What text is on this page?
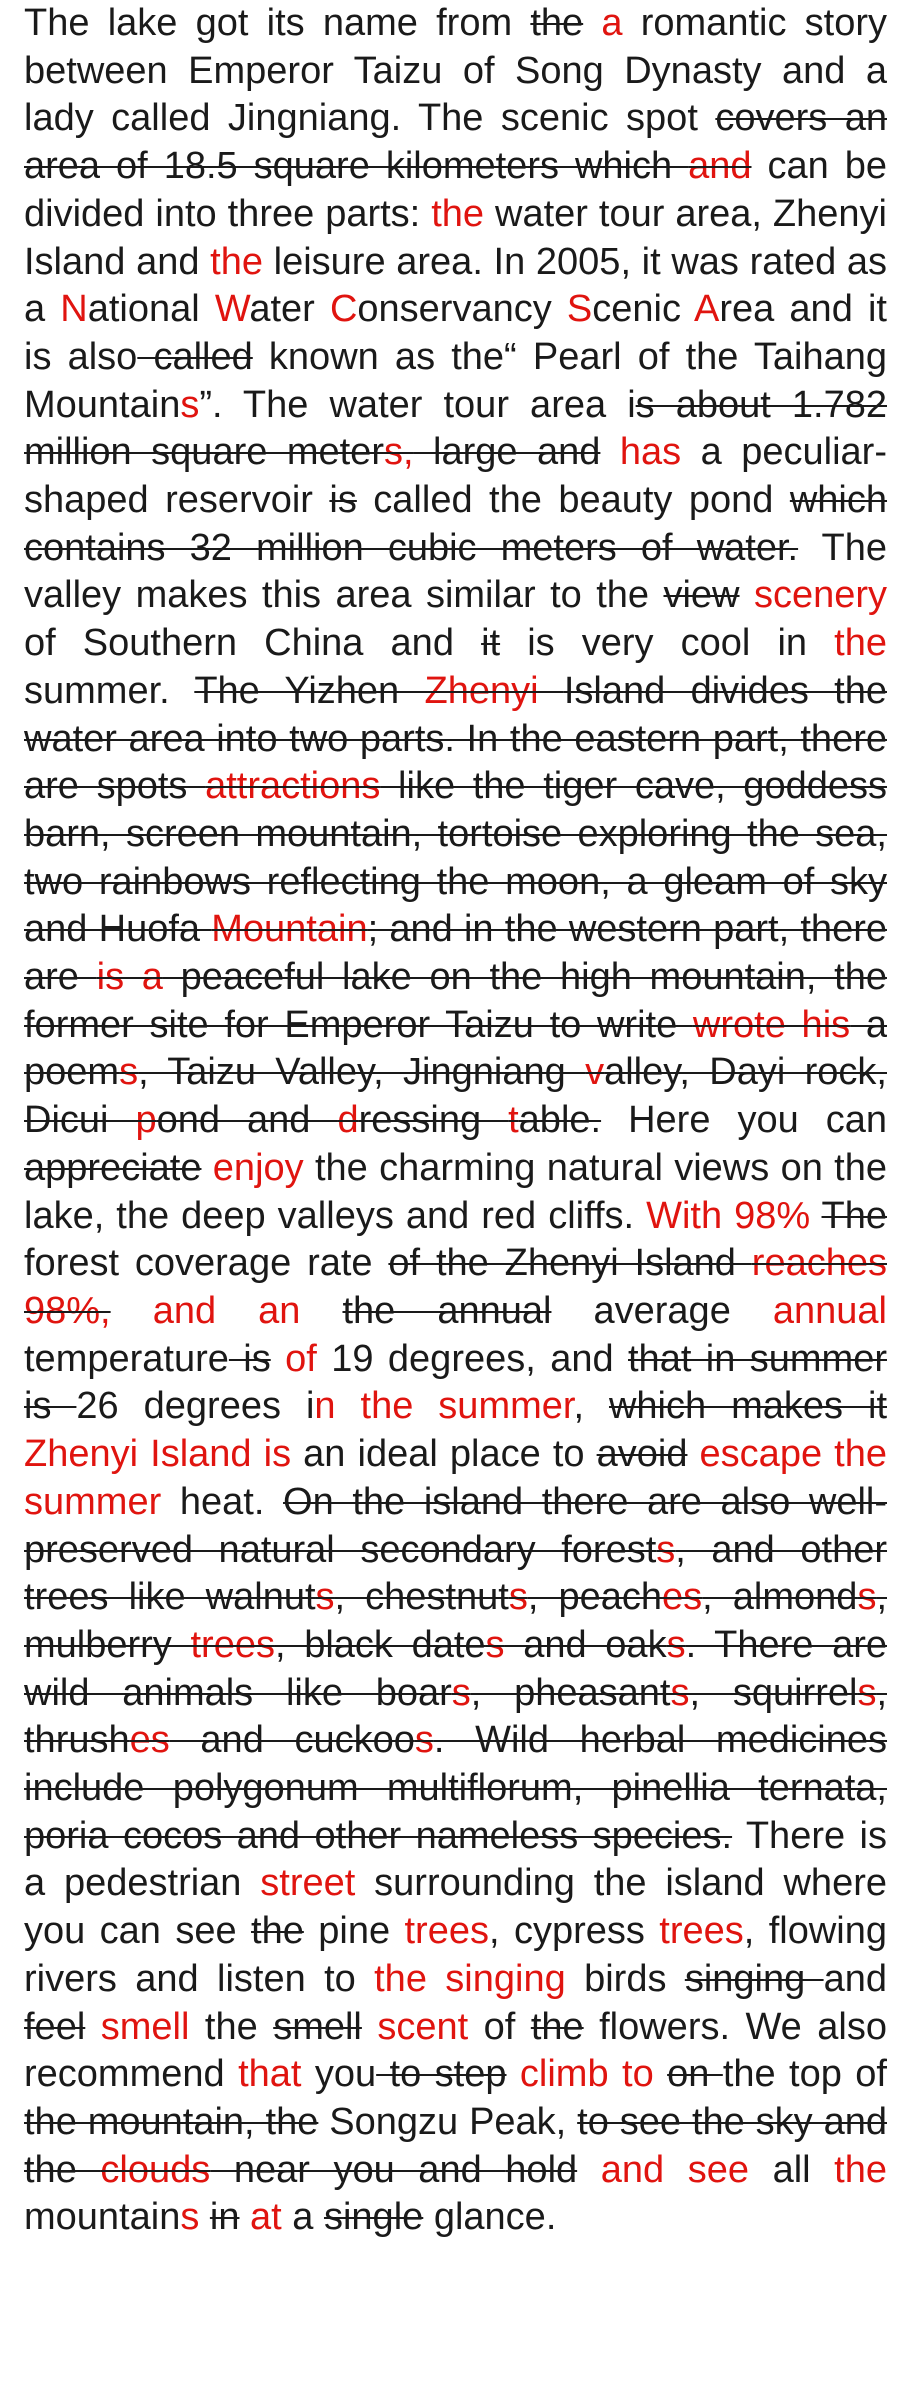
The lake got its name from the a romantic story between Emperor Taizu of Song Dynasty and a lady called Jingniang. The scenic spot covers an area of 18.5 square kilometers which and can be divided into three parts: the water tour area, Zhenyi Island and the leisure area. In 2005, it was rated as a National Water Conservancy Scenic Area and it is also called known as the“ Pearl of the Taihang Mountains”. The water tour area is about 1.782 million square meters, large and has a peculiar-shaped reservoir is called the beauty pond which contains 32 million cubic meters of water. The valley makes this area similar to the view scenery of Southern China and it is very cool in the summer. The Yizhen Zhenyi Island divides the water area into two parts. In the eastern part, there are spots attractions like the tiger cave, goddess barn, screen mountain, tortoise exploring the sea, two rainbows reflecting the moon, a gleam of sky and Huofa Mountain; and in the western part, there are is a peaceful lake on the high mountain, the former site for Emperor Taizu to write wrote his a poems, Taizu Valley, Jingniang valley, Dayi rock, Dicui pond and dressing table. Here you can appreciate enjoy the charming natural views on the lake, the deep valleys and red cliffs. With 98% The forest coverage rate of the Zhenyi Island reaches 98%, and an the annual average annual temperature is of 19 degrees, and that in summer is 26 degrees in the summer, which makes it Zhenyi Island is an ideal place to avoid escape the summer heat. On the island there are also well-preserved natural secondary forests, and other trees like walnuts, chestnuts, peaches, almonds, mulberry trees, black dates and oaks. There are wild animals like boars, pheasants, squirrels, thrushes and cuckoos. Wild herbal medicines include polygonum multiflorum, pinellia ternata, poria cocos and other nameless species. There is a pedestrian street surrounding the island where you can see the pine trees, cypress trees, flowing rivers and listen to the singing birds singing and feel smell the smell scent of the flowers. We also recommend that you to step climb to on the top of the mountain, the Songzu Peak, to see the sky and the clouds near you and hold and see all the mountains in at a single glance.
